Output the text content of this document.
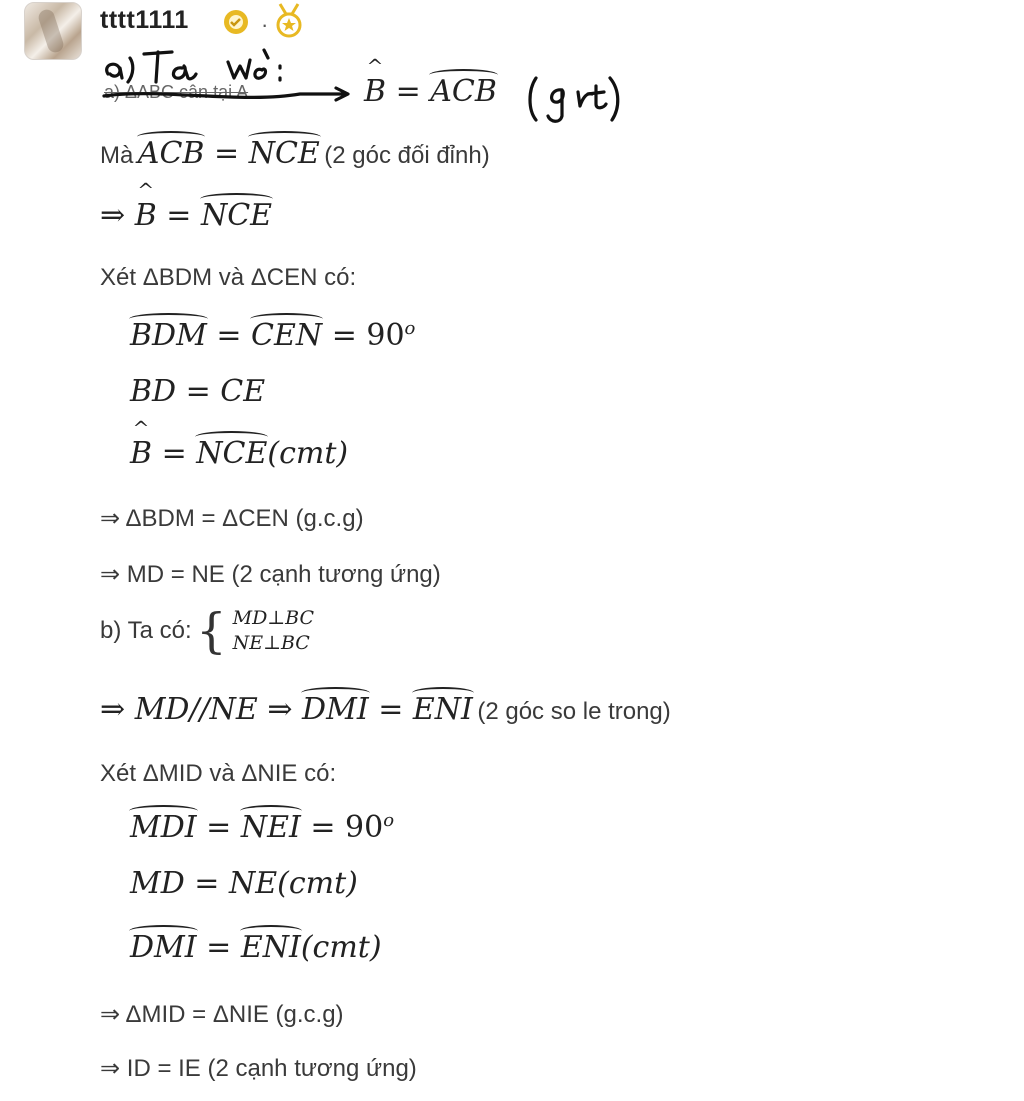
tttt1111	·
a) ΔABC cân tại A
^	B = ACB
Mà ACB = NCE (2 góc đối đỉnh)
⇒ ^ B = NCE
Xét ΔBDM và ΔCEN có:
BDM = CEN = $90^o$
BD = CE
^ B = NCE(cmt)
⇒ ΔBDM = ΔCEN (g.c.g)
⇒ MD = NE (2 cạnh tương ứng)
b) Ta có: { MD⊥BC
NE⊥BC
⇒ MD//NE ⇒ DMI = ENI (2 góc so le trong)
Xét ΔMID và ΔNIE có:
MDI = NEI = $90^o$
MD = NE(cmt)
DMI = ENI(cmt)
⇒ ΔMID = ΔNIE (g.c.g)
⇒ ID = IE (2 cạnh tương ứng)
